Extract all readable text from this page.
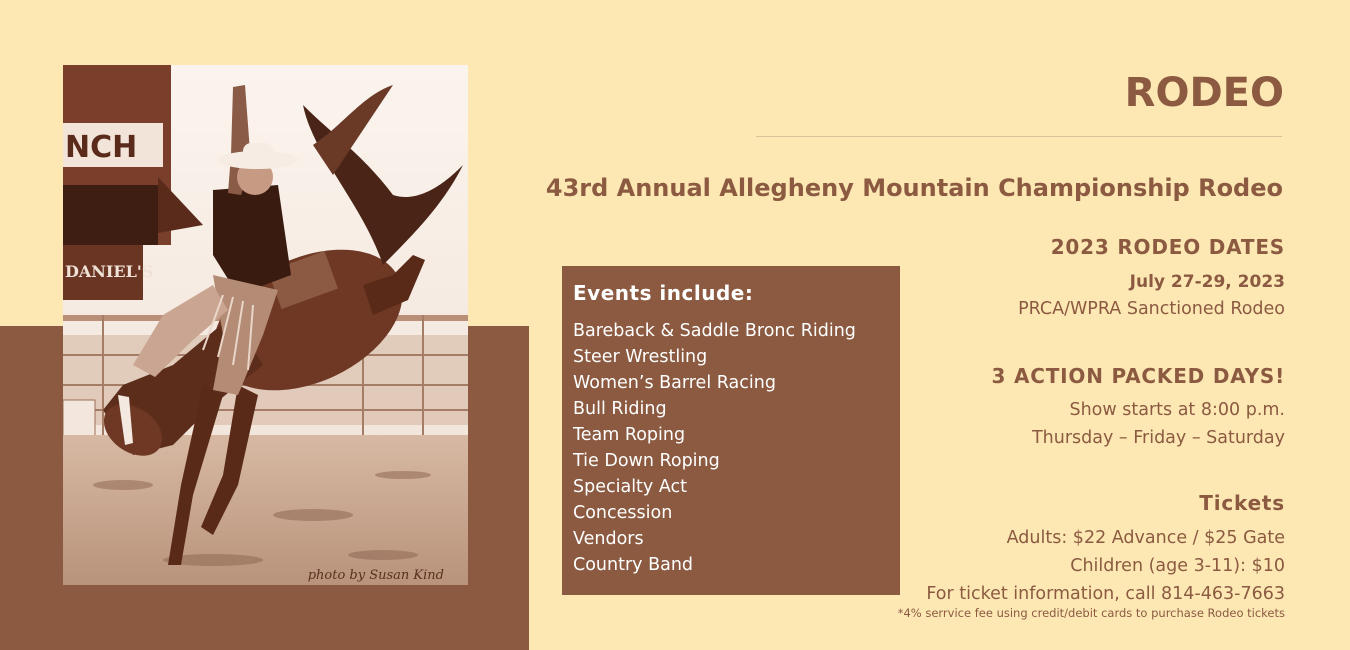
NCH
DANIEL'S
photo by Susan Kind
RODEO
43rd Annual Allegheny Mountain Championship Rodeo
Events include:
Bareback & Saddle Bronc Riding
Steer Wrestling
Women’s Barrel Racing
Bull Riding
Team Roping
Tie Down Roping
Specialty Act
Concession
Vendors
Country Band
2023 RODEO DATES
July 27-29, 2023
PRCA/WPRA Sanctioned Rodeo
3 ACTION PACKED DAYS!
Show starts at 8:00 p.m.
Thursday – Friday – Saturday
Tickets
Adults: $22 Advance / $25 Gate
Children (age 3-11): $10
For ticket information, call 814-463-7663
*4% serrvice fee using credit/debit cards to purchase Rodeo tickets
